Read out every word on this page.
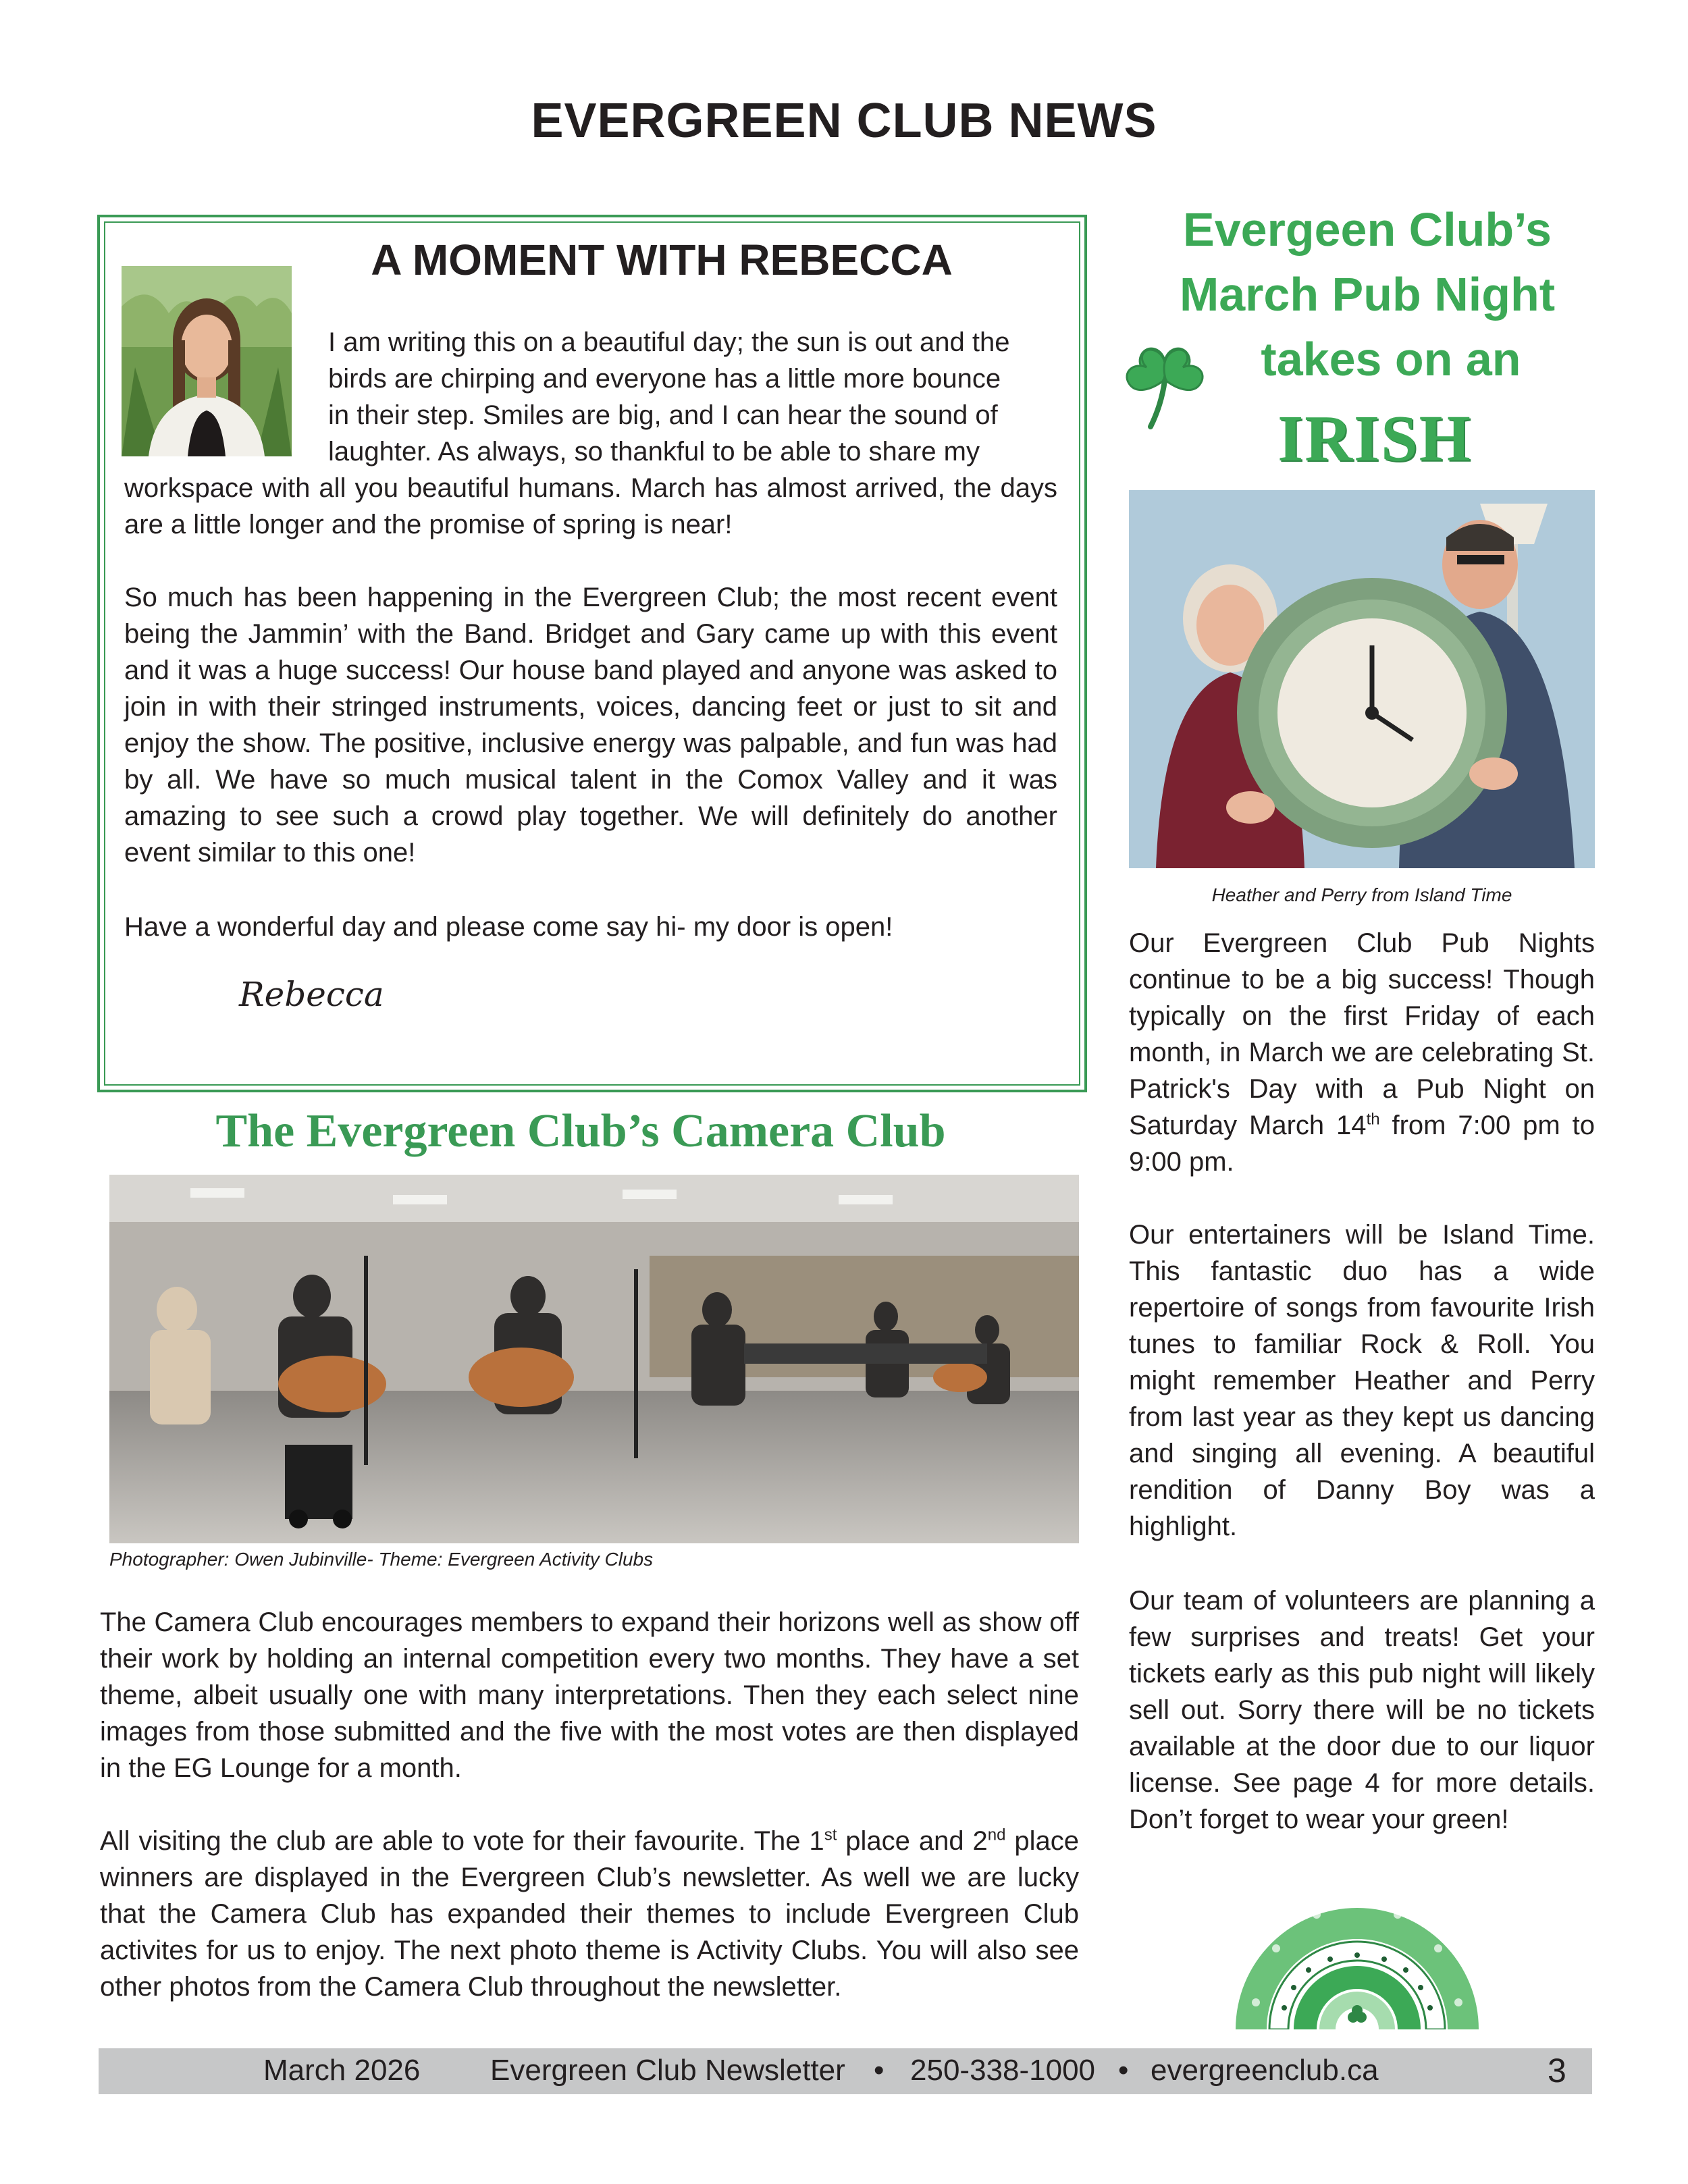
EVERGREEN CLUB NEWS
A MOMENT WITH REBECCA
I am writing this on a beautiful day; the sun is out and the
birds are chirping and everyone has a little more bounce
in their step. Smiles are big, and I can hear the sound of
laughter. As always, so thankful to be able to share my
workspace with all you beautiful humans. March has almost arrived, the days are a little longer and the promise of spring is near!
So much has been happening in the Evergreen Club; the most recent event being the Jammin’ with the Band. Bridget and Gary came up with this event and it was a huge success! Our house band played and anyone was asked to join in with their stringed instruments, voices, dancing feet or just to sit and enjoy the show. The positive, inclusive energy was palpable, and fun was had by all. We have so much musical talent in the Comox Valley and it was amazing to see such a crowd play together. We will definitely do another event similar to this one!
Have a wonderful day and please come say hi- my door is open!
Rebecca
The Evergreen Club’s Camera Club
Photographer: Owen Jubinville- Theme: Evergreen Activity Clubs
The Camera Club encourages members to expand their horizons well as show off their work by holding an internal competition every two months. They have a set theme, albeit usually one with many interpretations. Then they each select nine images from those submitted and the five with the most votes are then displayed in the EG Lounge for a month.
All visiting the club are able to vote for their favourite. The 1st place and 2nd place winners are displayed in the Evergreen Club’s newsletter. As well we are lucky that the Camera Club has expanded their themes to include Evergreen Club activites for us to enjoy. The next photo theme is Activity Clubs. You will also see other photos from the Camera Club throughout the newsletter.
Evergeen Club’s
March Pub Night
takes on an
IRISH
Heather and Perry from Island Time
Our Evergreen Club Pub Nights continue to be a big success! Though typically on the first Friday of each month, in March we are celebrating St. Patrick's Day with a Pub Night on Saturday March 14th from 7:00 pm to 9:00 pm.
Our entertainers will be Island Time. This fantastic duo has a wide repertoire of songs from favourite Irish tunes to familiar Rock & Roll. You might remember Heather and Perry from last year as they kept us dancing and singing all evening. A beautiful rendition of Danny Boy was a highlight.
Our team of volunteers are planning a few surprises and treats! Get your tickets early as this pub night will likely sell out. Sorry there will be no tickets available at the door due to our liquor license. See page 4 for more details. Don’t forget to wear your green!
March 2026 Evergreen Club Newsletter • 250-338-1000 • evergreenclub.ca	3
